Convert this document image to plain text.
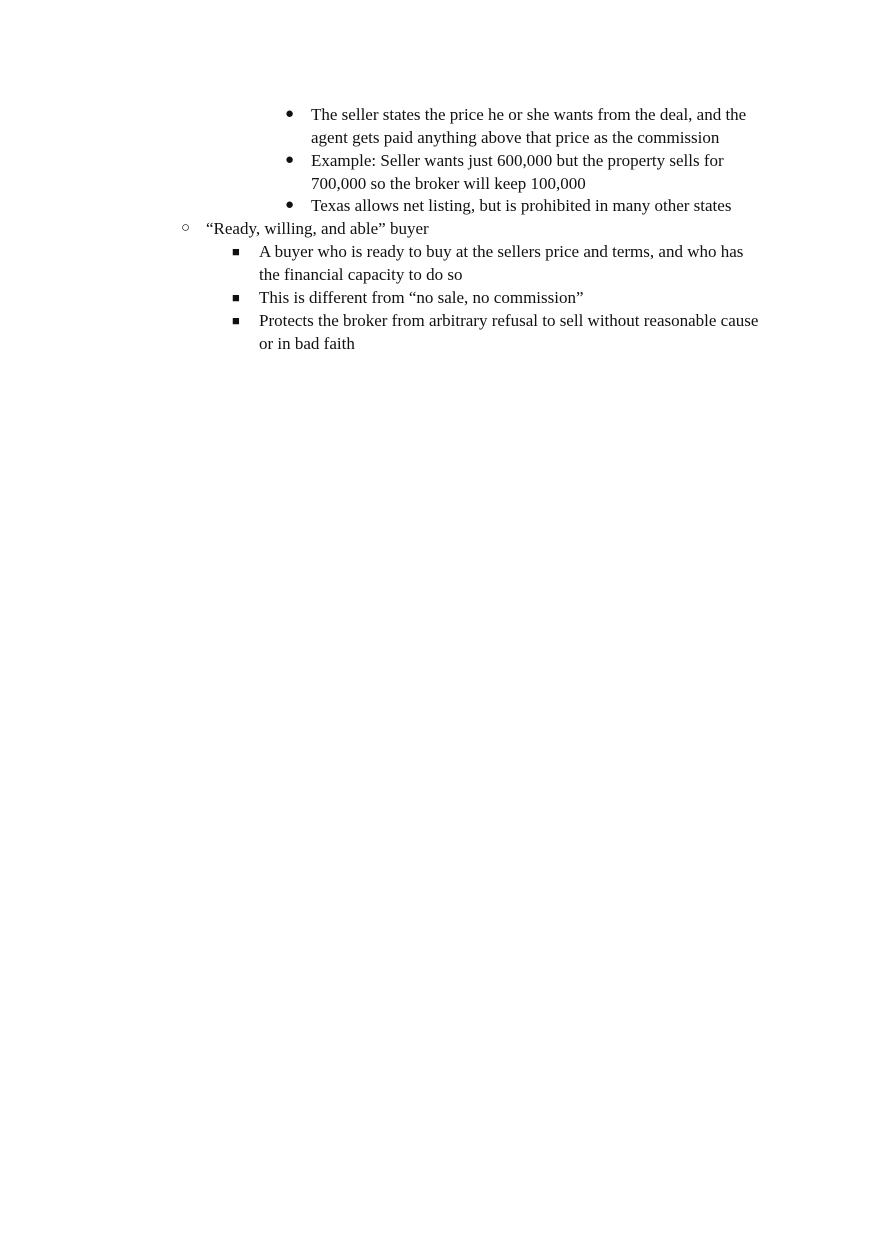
● The seller states the price he or she wants from the deal, and the
agent gets paid anything above that price as the commission
● Example: Seller wants just 600,000 but the property sells for
700,000 so the broker will keep 100,000
● Texas allows net listing, but is prohibited in many other states
○ “Ready, willing, and able” buyer
■ A buyer who is ready to buy at the sellers price and terms, and who has
the financial capacity to do so
■ This is different from “no sale, no commission”
■ Protects the broker from arbitrary refusal to sell without reasonable cause
or in bad faith
